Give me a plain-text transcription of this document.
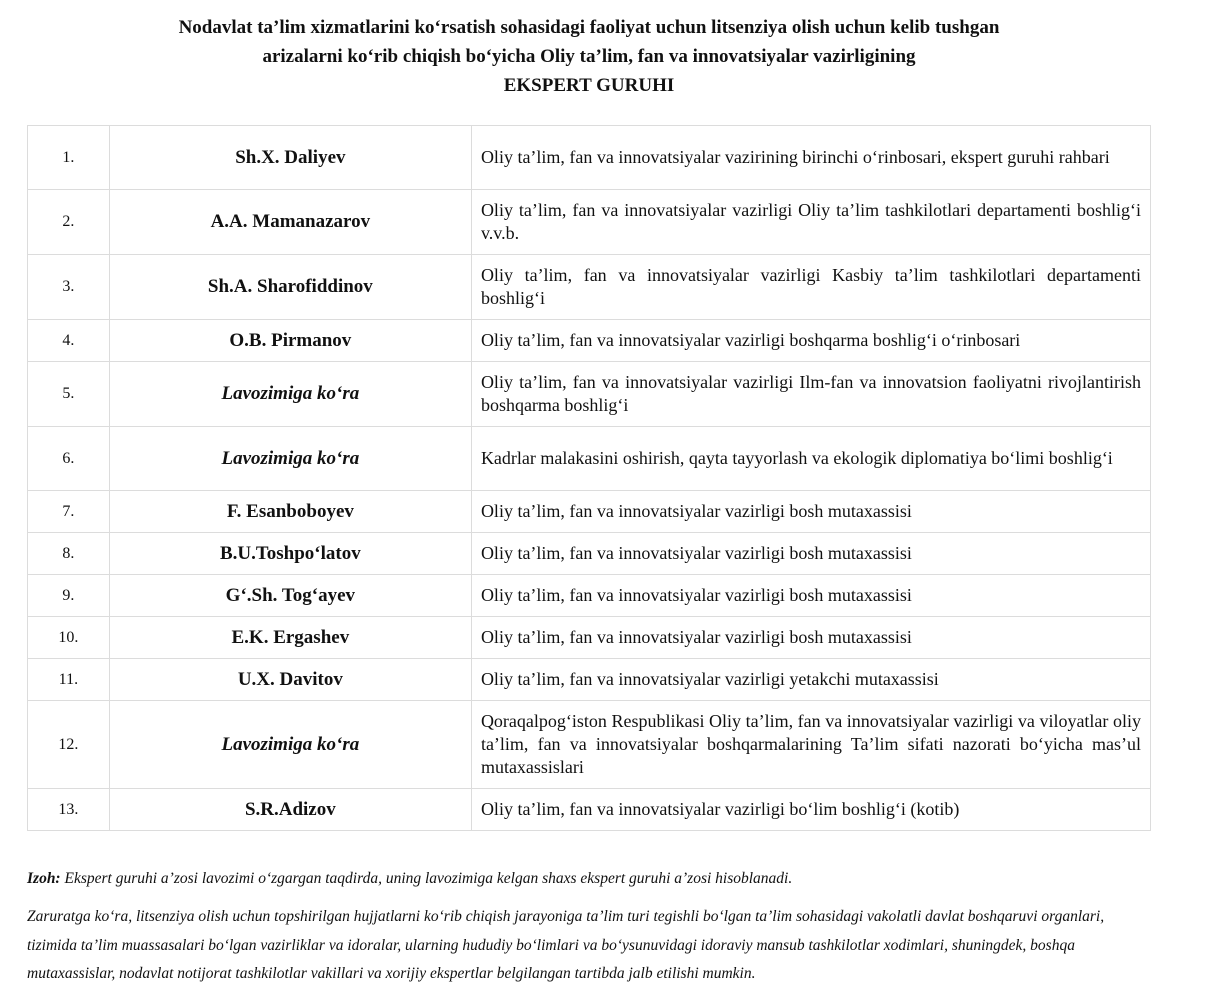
Nodavlat ta’lim xizmatlarini koʻrsatish sohasidagi faoliyat uchun litsenziya olish uchun kelib tushgan
arizalarni koʻrib chiqish boʻyicha Oliy ta’lim, fan va innovatsiyalar vazirligining
EKSPERT GURUHI
1.	Sh.X. Daliyev	Oliy ta’lim, fan va innovatsiyalar vazirining birinchi oʻrinbosari, ekspert guruhi rahbari
2.	A.A. Mamanazarov	Oliy ta’lim, fan va innovatsiyalar vazirligi Oliy ta’lim tashkilotlari departamenti boshligʻi v.v.b.
3.	Sh.A. Sharofiddinov	Oliy ta’lim, fan va innovatsiyalar vazirligi Kasbiy ta’lim tashkilotlari departamenti boshligʻi
4.	O.B. Pirmanov	Oliy ta’lim, fan va innovatsiyalar vazirligi boshqarma boshligʻi oʻrinbosari
5.	Lavozimiga koʻra	Oliy ta’lim, fan va innovatsiyalar vazirligi Ilm-fan va innovatsion faoliyatni rivojlantirish boshqarma boshligʻi
6.	Lavozimiga koʻra	Kadrlar malakasini oshirish, qayta tayyorlash va ekologik diplomatiya boʻlimi boshligʻi
7.	F. Esanboboyev	Oliy ta’lim, fan va innovatsiyalar vazirligi bosh mutaxassisi
8.	B.U.Toshpoʻlatov	Oliy ta’lim, fan va innovatsiyalar vazirligi bosh mutaxassisi
9.	Gʻ.Sh. Togʻayev	Oliy ta’lim, fan va innovatsiyalar vazirligi bosh mutaxassisi
10.	E.K. Ergashev	Oliy ta’lim, fan va innovatsiyalar vazirligi bosh mutaxassisi
11.	U.X. Davitov	Oliy ta’lim, fan va innovatsiyalar vazirligi yetakchi mutaxassisi
12.	Lavozimiga koʻra	Qoraqalpogʻiston Respublikasi Oliy ta’lim, fan va innovatsiyalar vazirligi va viloyatlar oliy ta’lim, fan va innovatsiyalar boshqarmalarining Ta’lim sifati nazorati boʻyicha mas’ul mutaxassislari
13.	S.R.Adizov	Oliy ta’lim, fan va innovatsiyalar vazirligi boʻlim boshligʻi (kotib)
Izoh: Ekspert guruhi a’zosi lavozimi oʻzgargan taqdirda, uning lavozimiga kelgan shaxs ekspert guruhi a’zosi hisoblanadi.
Zaruratga koʻra, litsenziya olish uchun topshirilgan hujjatlarni koʻrib chiqish jarayoniga ta’lim turi tegishli boʻlgan ta’lim sohasidagi vakolatli davlat boshqaruvi organlari, tizimida ta’lim muassasalari boʻlgan vazirliklar va idoralar, ularning hududiy boʻlimlari va boʻysunuvidagi idoraviy mansub tashkilotlar xodimlari, shuningdek, boshqa mutaxassislar, nodavlat notijorat tashkilotlar vakillari va xorijiy ekspertlar belgilangan tartibda jalb etilishi mumkin.
